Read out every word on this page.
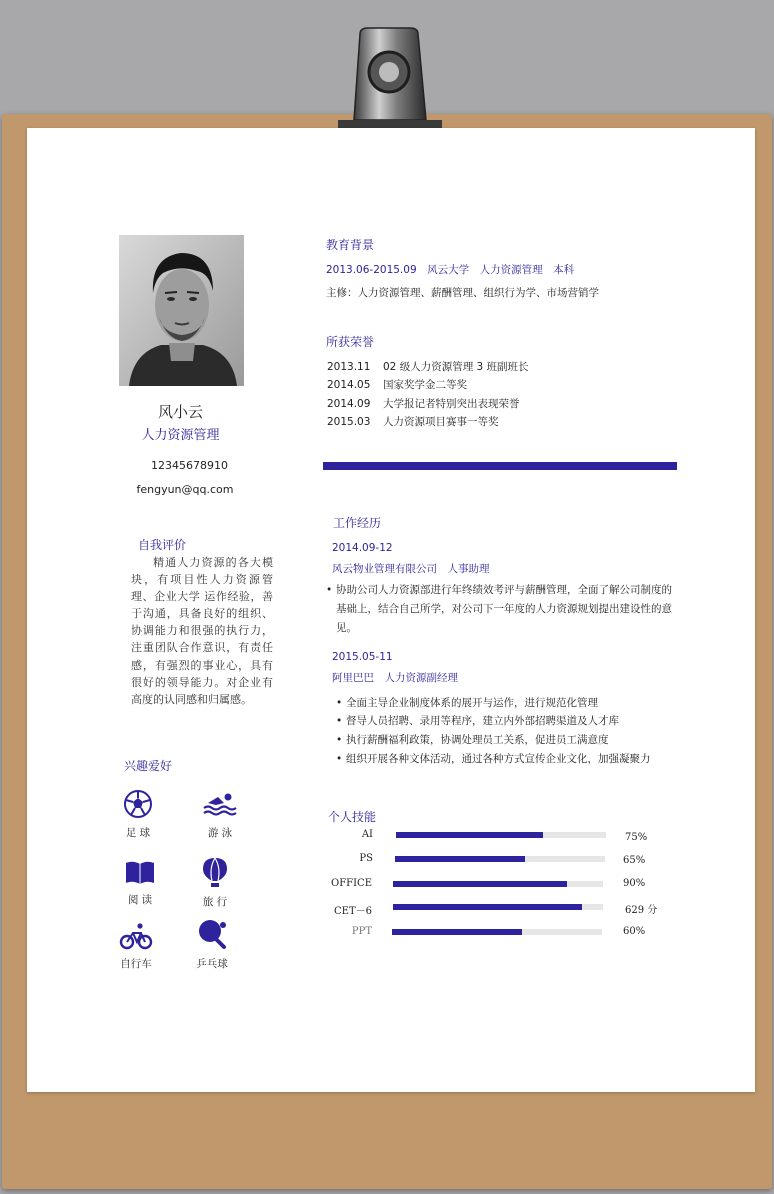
风小云
人力资源管理
12345678910
fengyun@qq.com
自我评价
精通人力资源的各大模块，有项目性人力资源管理、企业大学 运作经验，善于沟通，具备良好的组织、协调能力和很强的执行力，注重团队合作意识，有责任感，有强烈的事业心，具有很好的领导能力。对企业有高度的认同感和归属感。
兴趣爱好
足 球	游 泳
阅 读	旅 行
自行车	乒乓球
教育背景
2013.06-2015.09　风云大学　人力资源管理　本科
主修：人力资源管理、薪酬管理、组织行为学、市场营销学
所获荣誉
2013.11 02 级人力资源管理 3 班副班长
2014.05 国家奖学金二等奖
2014.09 大学报记者特别突出表现荣誉
2015.03 人力资源项目赛事一等奖
工作经历
2014.09-12
风云物业管理有限公司　人事助理
• 协助公司人力资源部进行年终绩效考评与薪酬管理，全面了解公司制度的基础上，结合自己所学，对公司下一年度的人力资源规划提出建设性的意见。
2015.05-11
阿里巴巴　人力资源副经理
• 全面主导企业制度体系的展开与运作，进行规范化管理
• 督导人员招聘、录用等程序，建立内外部招聘渠道及人才库
• 执行薪酬福利政策，协调处理员工关系，促进员工满意度
• 组织开展各种文体活动，通过各种方式宣传企业文化，加强凝聚力
个人技能
AI	75%
PS	65%
OFFICE	90%
CET－6	629 分
PPT	60%
